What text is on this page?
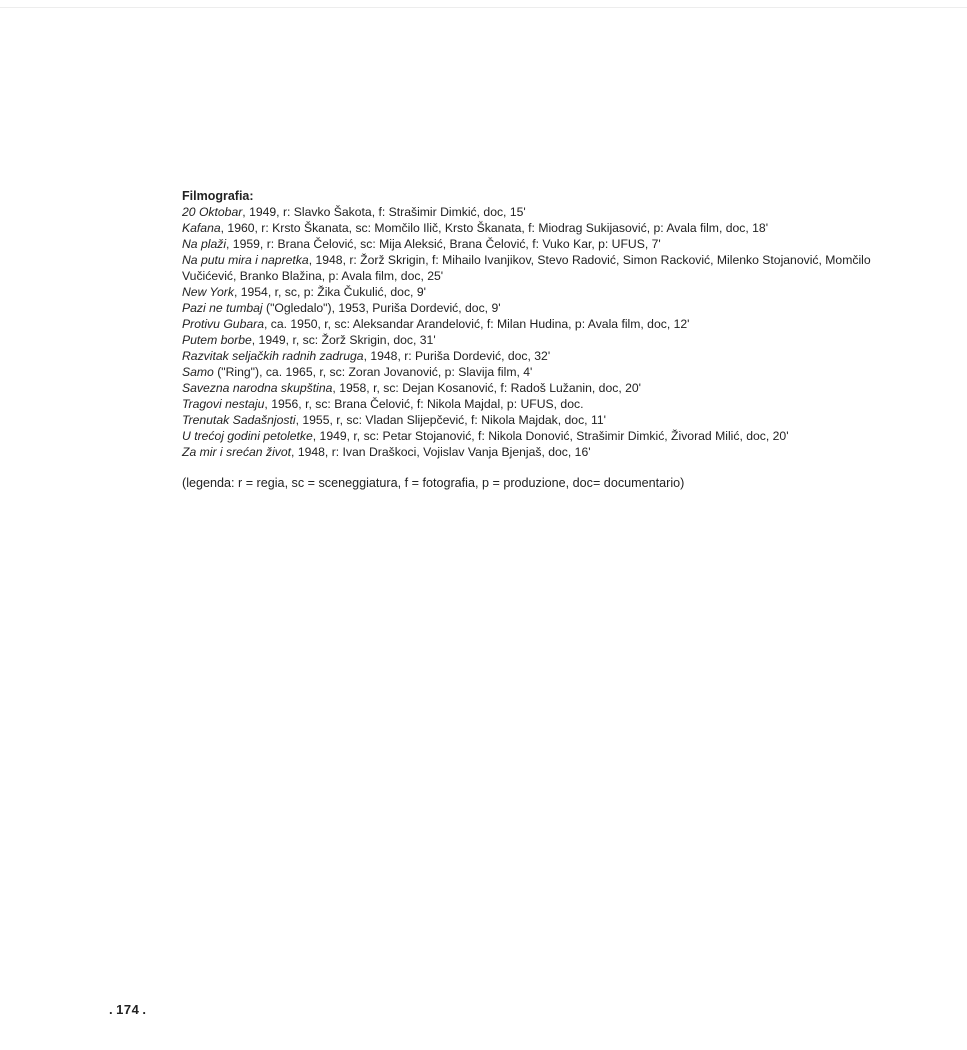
Filmografia:
20 Oktobar, 1949, r: Slavko Šakota, f: Strašimir Dimkić, doc, 15'
Kafana, 1960, r: Krsto Škanata, sc: Momčilo Ilič, Krsto Škanata, f: Miodrag Sukijasović, p: Avala film, doc, 18'
Na plaži, 1959, r: Brana Čelović, sc: Mija Aleksić, Brana Čelović, f: Vuko Kar, p: UFUS, 7'
Na putu mira i napretka, 1948, r: Žorž Skrigin, f: Mihailo Ivanjikov, Stevo Radović, Simon Racković, Milenko Stojanović, Momčilo Vučićević, Branko Blažina, p: Avala film, doc, 25'
New York, 1954, r, sc, p: Žika Čukulić, doc, 9'
Pazi ne tumbaj ("Ogledalo"), 1953, Puriša Dordević, doc, 9'
Protivu Gubara, ca. 1950, r, sc: Aleksandar Arandelović, f: Milan Hudina, p: Avala film, doc, 12'
Putem borbe, 1949, r, sc: Žorž Skrigin, doc, 31'
Razvitak seljačkih radnih zadruga, 1948, r: Puriša Dordević, doc, 32'
Samo ("Ring"), ca. 1965, r, sc: Zoran Jovanović, p: Slavija film, 4'
Savezna narodna skupština, 1958, r, sc: Dejan Kosanović, f: Radoš Lužanin, doc, 20'
Tragovi nestaju, 1956, r, sc: Brana Čelović, f: Nikola Majdal, p: UFUS, doc.
Trenutak Sadašnjosti, 1955, r, sc: Vladan Slijepčević, f: Nikola Majdak, doc, 11'
U trećoj godini petoletke, 1949, r, sc: Petar Stojanović, f: Nikola Donović, Strašimir Dimkić, Živorad Milić, doc, 20'
Za mir i srećan život, 1948, r: Ivan Draškoci, Vojislav Vanja Bjenjaš, doc, 16'

(legenda: r = regia, sc = sceneggiatura, f = fotografia, p = produzione, doc= documentario)

. 174 .
